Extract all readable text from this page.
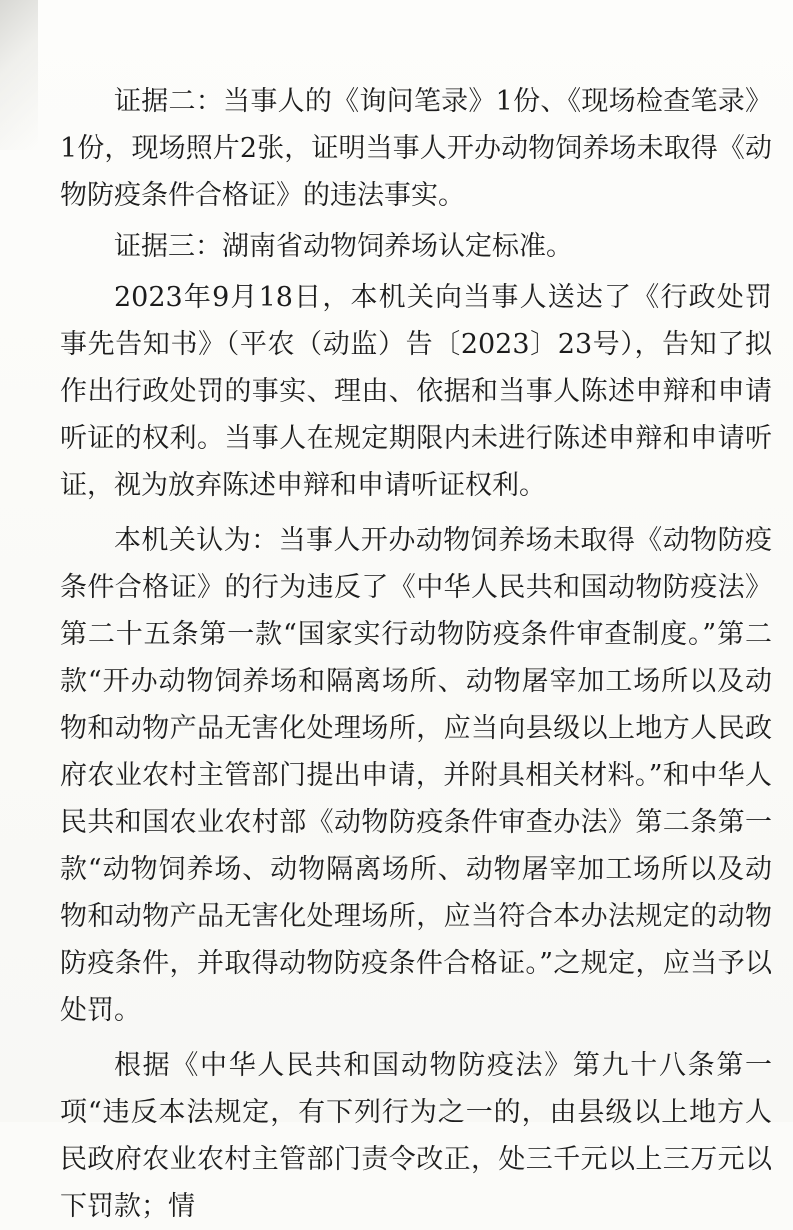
证据二：当事人的《询问笔录》1份、《现场检查笔录》1份，现场照片2张，证明当事人开办动物饲养场未取得《动物防疫条件合格证》的违法事实。

证据三：湖南省动物饲养场认定标准。

2023年9月18日，本机关向当事人送达了《行政处罚事先告知书》（平农（动监）告〔2023〕23号），告知了拟作出行政处罚的事实、理由、依据和当事人陈述申辩和申请听证的权利。当事人在规定期限内未进行陈述申辩和申请听证，视为放弃陈述申辩和申请听证权利。

本机关认为：当事人开办动物饲养场未取得《动物防疫条件合格证》的行为违反了《中华人民共和国动物防疫法》第二十五条第一款“国家实行动物防疫条件审查制度。”第二款“开办动物饲养场和隔离场所、动物屠宰加工场所以及动物和动物产品无害化处理场所，应当向县级以上地方人民政府农业农村主管部门提出申请，并附具相关材料。”和中华人民共和国农业农村部《动物防疫条件审查办法》第二条第一款“动物饲养场、动物隔离场所、动物屠宰加工场所以及动物和动物产品无害化处理场所，应当符合本办法规定的动物防疫条件，并取得动物防疫条件合格证。”之规定，应当予以处罚。

根据《中华人民共和国动物防疫法》第九十八条第一项“违反本法规定，有下列行为之一的，由县级以上地方人民政府农业农村主管部门责令改正，处三千元以上三万元以下罚款；情
